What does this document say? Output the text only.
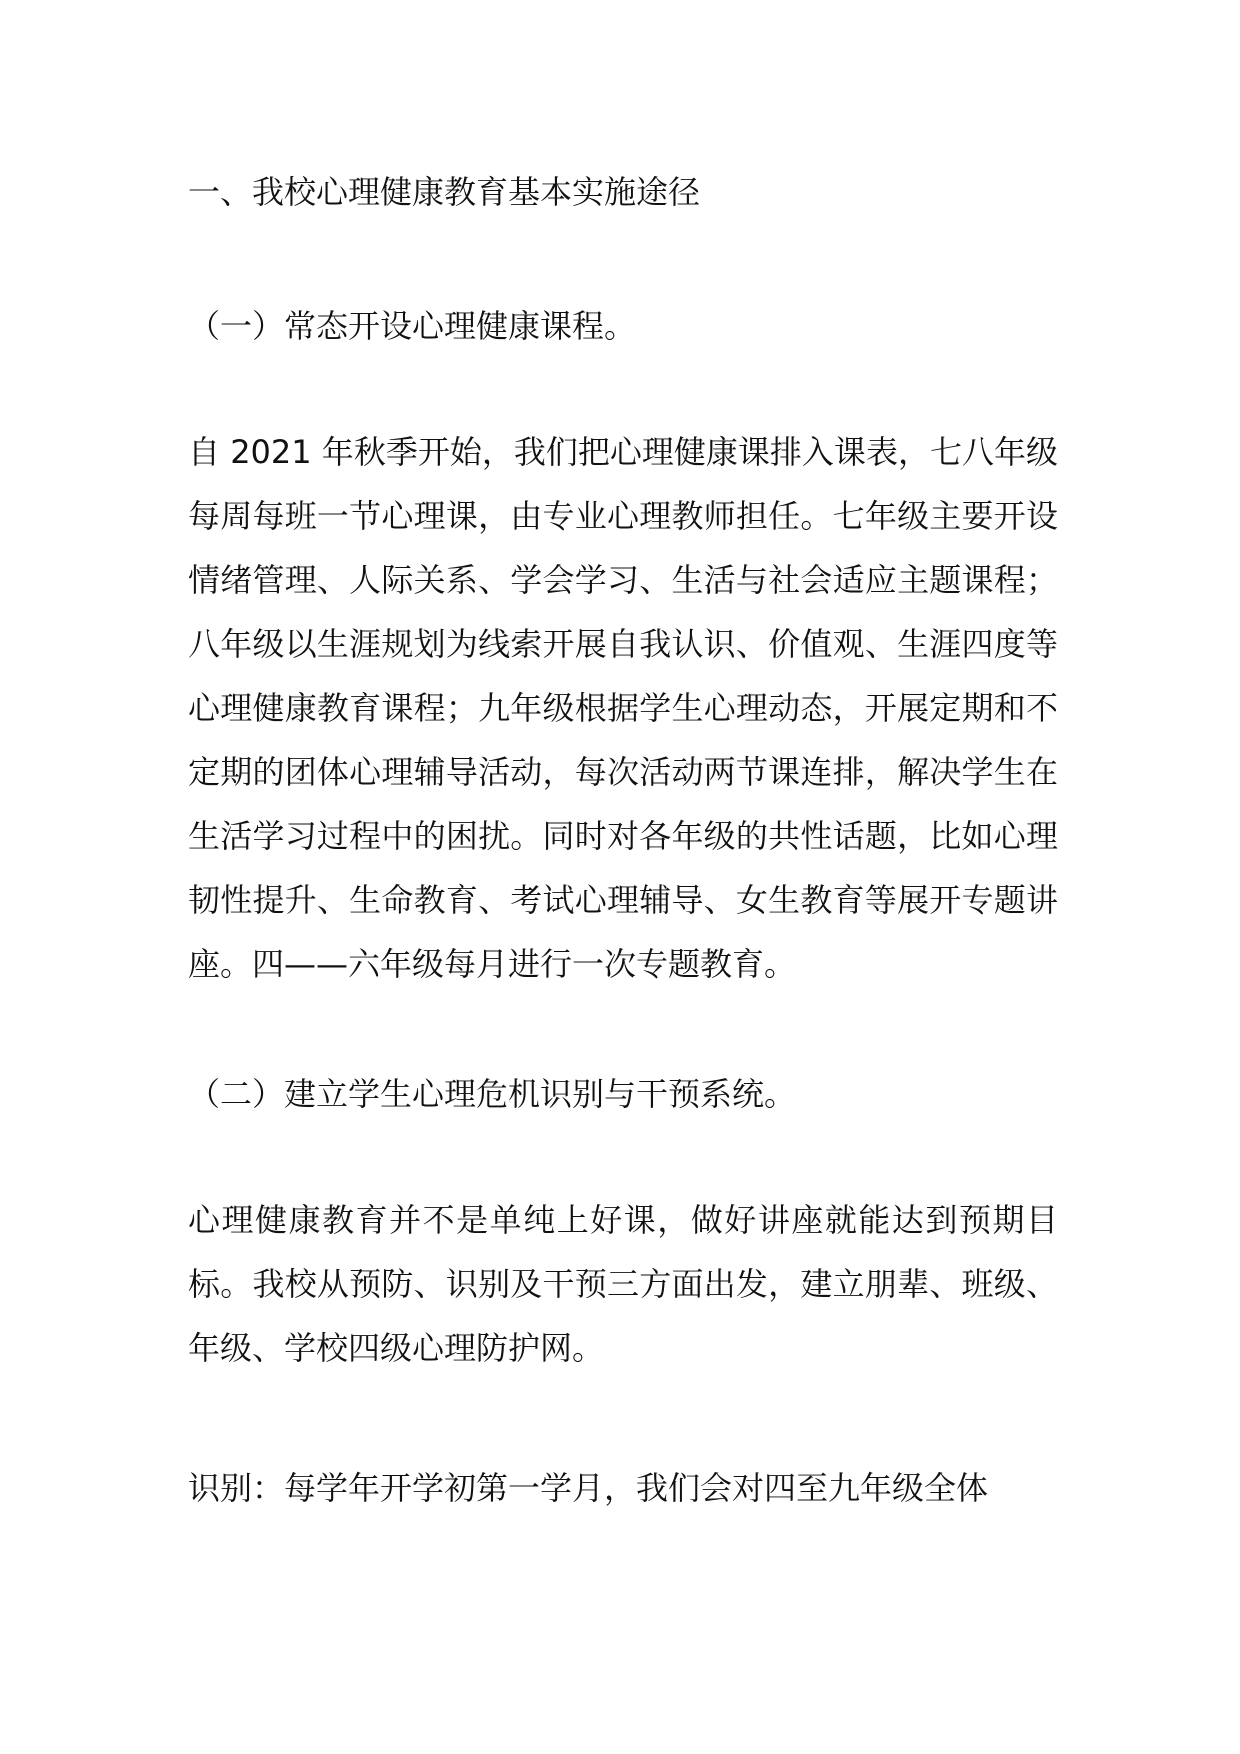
一、我校心理健康教育基本实施途径

（一）常态开设心理健康课程。

自 2021 年秋季开始，我们把心理健康课排入课表，七八年级每周每班一节心理课，由专业心理教师担任。七年级主要开设情绪管理、人际关系、学会学习、生活与社会适应主题课程；八年级以生涯规划为线索开展自我认识、价值观、生涯四度等心理健康教育课程；九年级根据学生心理动态，开展定期和不定期的团体心理辅导活动，每次活动两节课连排，解决学生在生活学习过程中的困扰。同时对各年级的共性话题，比如心理韧性提升、生命教育、考试心理辅导、女生教育等展开专题讲座。四——六年级每月进行一次专题教育。

（二）建立学生心理危机识别与干预系统。

心理健康教育并不是单纯上好课，做好讲座就能达到预期目标。我校从预防、识别及干预三方面出发，建立朋辈、班级、年级、学校四级心理防护网。

识别：每学年开学初第一学月，我们会对四至九年级全体
